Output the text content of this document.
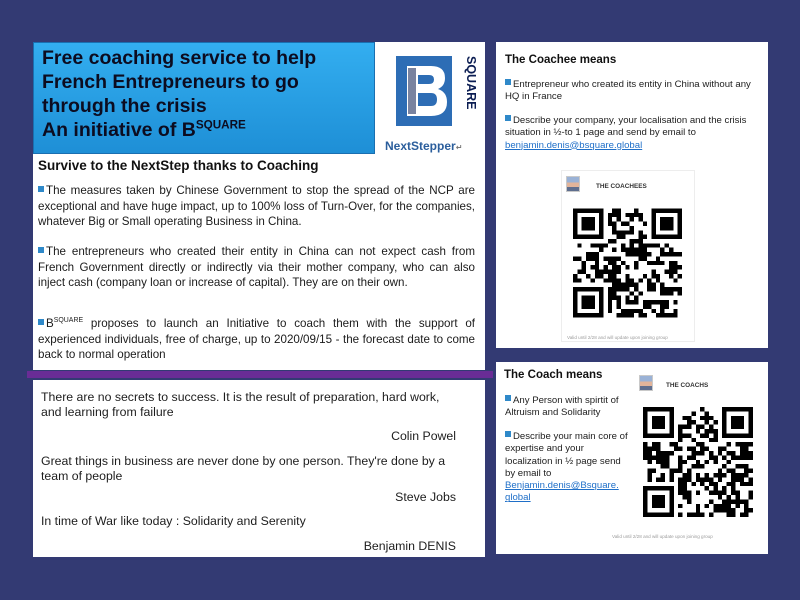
Free coaching service to help
French Entrepreneurs to go
through the crisis
An initiative of $B^{SQUARE}$
SQUARE
NextStepper↵
Survive to the NextStep thanks to Coaching
The measures taken by Chinese Government to stop the spread of the NCP are exceptional and have huge impact, up to 100% loss of Turn-Over, for the companies, whatever Big or Small operating Business in China.
The entrepreneurs who created their entity in China can not expect cash from French Government directly or indirectly via their mother company, who can also inject cash (company loan or increase of capital). They are on their own.
$B^{SQUARE}$ proposes to launch an Initiative to coach them with the support of experienced individuals, free of charge, up to 2020/09/15 - the forecast date to come back to normal operation
There are no secrets to success. It is the result of preparation, hard work, and learning from failure
Colin Powel
Great things in business are never done by one person. They're done by a team of people
Steve Jobs
In time of War like today : Solidarity and Serenity
Benjamin DENIS
The Coachee means
Entrepreneur who created its entity in China without any HQ in France
Describe your company, your localisation and the crisis situation in ½-to 1 page and send by email to
benjamin.denis@bsquare.global
THE COACHEES
Valid until 2/28 and will update upon joining group
The Coach means
Any Person with spirtit of Altruism and Solidarity
Describe your main core of expertise and your localization in ½ page send by email to
Benjamin.denis@Bsquare.
global
THE COACHS
Valid until 2/28 and will update upon joining group
